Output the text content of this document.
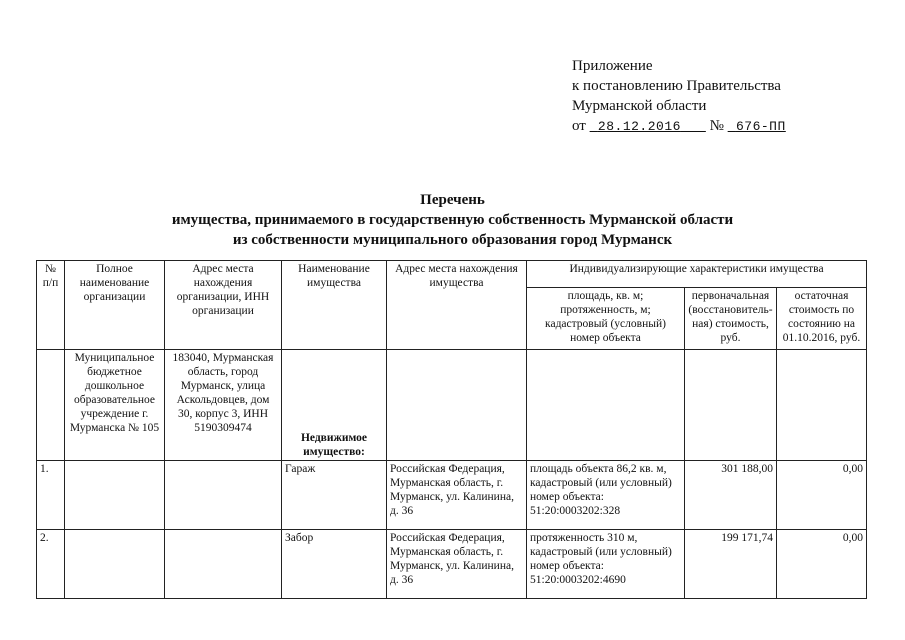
Приложение
к постановлению Правительства
Мурманской области
от 28.12.2016 № 676-ПП
Перечень
имущества, принимаемого в государственную собственность Мурманской области
из собственности муниципального образования город Мурманск
№ п/п	Полное наименование организации	Адрес места нахождения организации, ИНН организации	Наименование имущества	Адрес места нахождения имущества	Индивидуализирующие характеристики имущества		
					площадь, кв. м; протяженность, м; кадастровый (условный) номер объекта	первоначальная (восстановитель-ная) стоимость, руб.	остаточная стоимость по состоянию на 01.10.2016, руб.
	Муниципальное бюджетное дошкольное образовательное учреждение г. Мурманска № 105	183040, Мурманская область, город Мурманск, улица Аскольдовцев, дом 30, корпус 3, ИНН 5190309474	Недвижимое имущество:				
1.			Гараж	Российская Федерация, Мурманская область, г. Мурманск, ул. Калинина, д. 36	площадь объекта 86,2 кв. м, кадастровый (или условный) номер объекта: 51:20:0003202:328	301 188,00	0,00
2.			Забор	Российская Федерация, Мурманская область, г. Мурманск, ул. Калинина, д. 36	протяженность 310 м, кадастровый (или условный) номер объекта: 51:20:0003202:4690	199 171,74	0,00
